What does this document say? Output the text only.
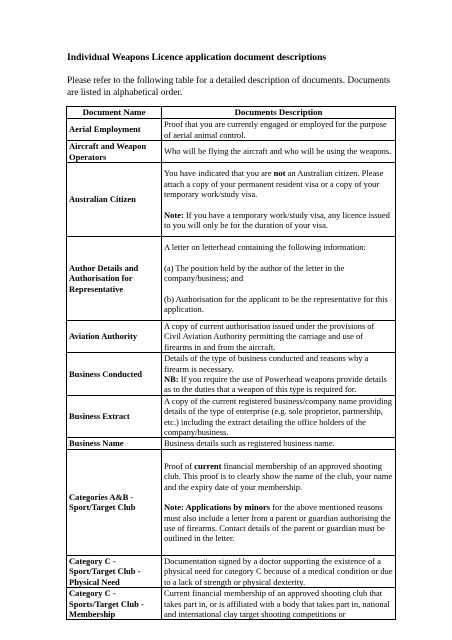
Individual Weapons Licence application document descriptions
Please refer to the following table for a detailed description of documents. Documents are listed in alphabetical order.
Document Name	Documents Description
Aerial Employment	Proof that you are currently engaged or employed for the purpose of aerial animal control.

Aircraft and Weapon Operators	Who will be flying the aircraft and who will be using the weapons.

Australian Citizen	You have indicated that you are not an Australian citizen. Please attach a copy of your permanent resident visa or a copy of your temporary work/study visa.
Note: If you have a temporary work/study visa, any licence issued to you will only be for the duration of your visa.

Author Details and Authorisation for Representative	A letter on letterhead containing the following information:
(a) The position held by the author of the letter in the company/business; and
(b) Authorisation for the applicant to be the representative for this application.

Aviation Authority	A copy of current authorisation issued under the provisions of Civil Aviation Authority permitting the carriage and use of firearms in and from the aircraft.

Business Conducted	Details of the type of business conducted and reasons why a firearm is necessary.
NB: If you require the use of Powerhead weapons provide details as to the duties that a weapon of this type is required for.

Business Extract	A copy of the current registered business/company name providing details of the type of enterprise (e.g. sole proprietor, partnership, etc.) including the extract detailing the office holders of the company/business.

Business Name	Business details such as registered business name.

Categories A&B - Sport/Target Club	Proof of current financial membership of an approved shooting club. This proof is to clearly show the name of the club, your name and the expiry date of your membership.
Note: Applications by minors for the above mentioned reasons must also include a letter from a parent or guardian authorising the use of firearms. Contact details of the parent or guardian must be outlined in the letter.

Category C - Sport/Target Club - Physical Need	Documentation signed by a doctor supporting the existence of a physical need for category C because of a medical condition or due to a lack of strength or physical dexterity.

Category C - Sports/Target Club - Membership	Current financial membership of an approved shooting club that takes part in, or is affiliated with a body that takes part in, national and international clay target shooting competitions or
